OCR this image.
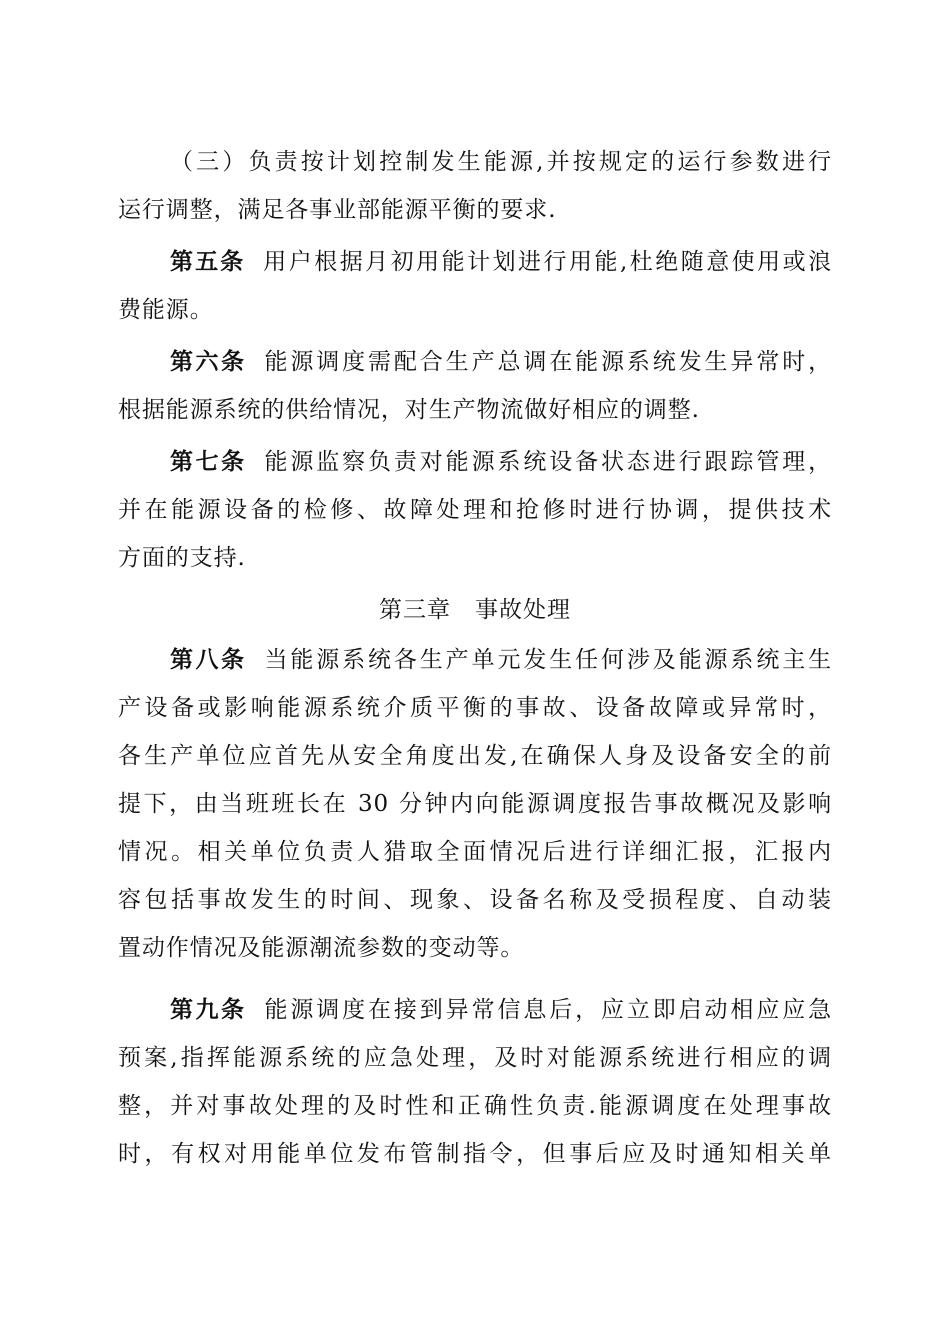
（三）负责按计划控制发生能源,并按规定的运行参数进行
运行调整，满足各事业部能源平衡的要求.
第五条 用户根据月初用能计划进行用能,杜绝随意使用或浪
费能源。
第六条 能源调度需配合生产总调在能源系统发生异常时，
根据能源系统的供给情况，对生产物流做好相应的调整.
第七条 能源监察负责对能源系统设备状态进行跟踪管理，
并在能源设备的检修、故障处理和抢修时进行协调，提供技术
方面的支持.
第三章　事故处理
第八条 当能源系统各生产单元发生任何涉及能源系统主生
产设备或影响能源系统介质平衡的事故、设备故障或异常时，
各生产单位应首先从安全角度出发,在确保人身及设备安全的前
提下，由当班班长在 30 分钟内向能源调度报告事故概况及影响
情况。相关单位负责人猎取全面情况后进行详细汇报，汇报内
容包括事故发生的时间、现象、设备名称及受损程度、自动装
置动作情况及能源潮流参数的变动等。
第九条 能源调度在接到异常信息后，应立即启动相应应急
预案,指挥能源系统的应急处理，及时对能源系统进行相应的调
整，并对事故处理的及时性和正确性负责.能源调度在处理事故
时，有权对用能单位发布管制指令，但事后应及时通知相关单
